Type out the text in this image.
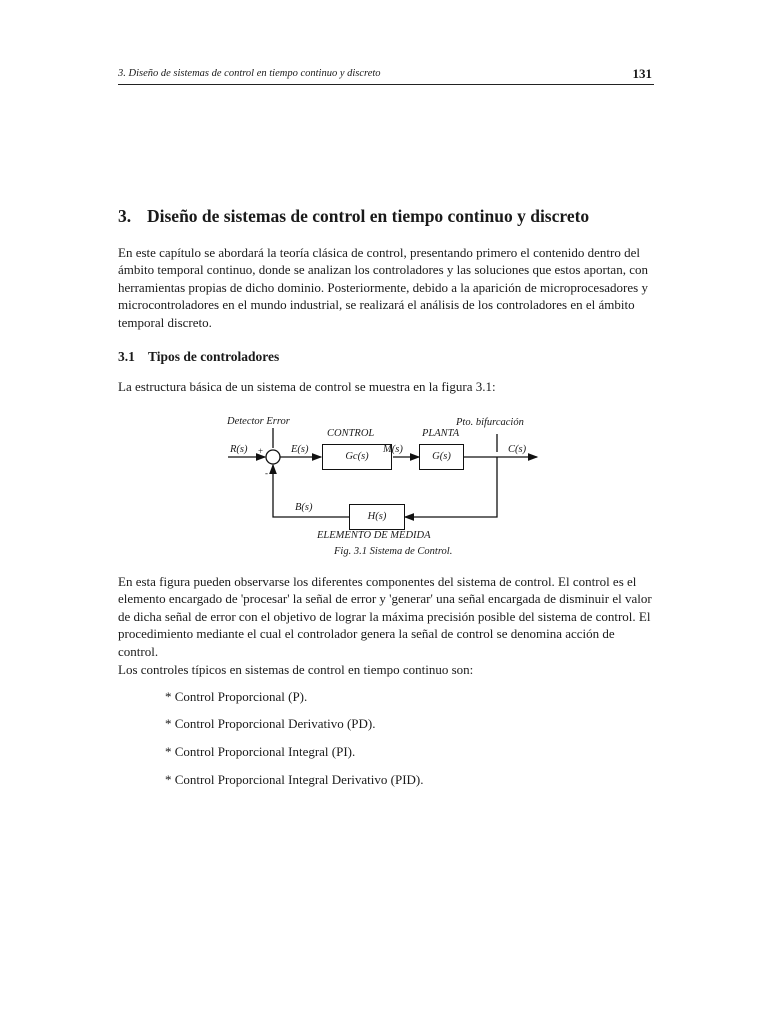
3. Diseño de sistemas de control en tiempo continuo y discreto	131
3. Diseño de sistemas de control en tiempo continuo y discreto
En este capítulo se abordará la teoría clásica de control, presentando primero el contenido dentro del
ámbito temporal continuo, donde se analizan los controladores y las soluciones que estos aportan, con
herramientas propias de dicho dominio. Posteriormente, debido a la aparición de microprocesadores y
microcontroladores en el mundo industrial, se realizará el análisis de los controladores en el ámbito
temporal discreto.
3.1 Tipos de controladores

La estructura básica de un sistema de control se muestra en la figura 3.1:

Detector Error	Pto. bifurcación
CONTROL	PLANTA
R(s) +
-
E(s)
Gc(s)
M(s)
G(s)
C(s)
B(s)
H(s)
ELEMENTO DE MEDIDA
Fig. 3.1 Sistema de Control.
En esta figura pueden observarse los diferentes componentes del sistema de control. El control es el
elemento encargado de 'procesar' la señal de error y 'generar' una señal encargada de disminuir el valor
de dicha señal de error con el objetivo de lograr la máxima precisión posible del sistema de control. El
procedimiento mediante el cual el controlador genera la señal de control se denomina acción de
control.

Los controles típicos en sistemas de control en tiempo continuo son:

* Control Proporcional (P).
* Control Proporcional Derivativo (PD).
* Control Proporcional Integral (PI).
* Control Proporcional Integral Derivativo (PID).
